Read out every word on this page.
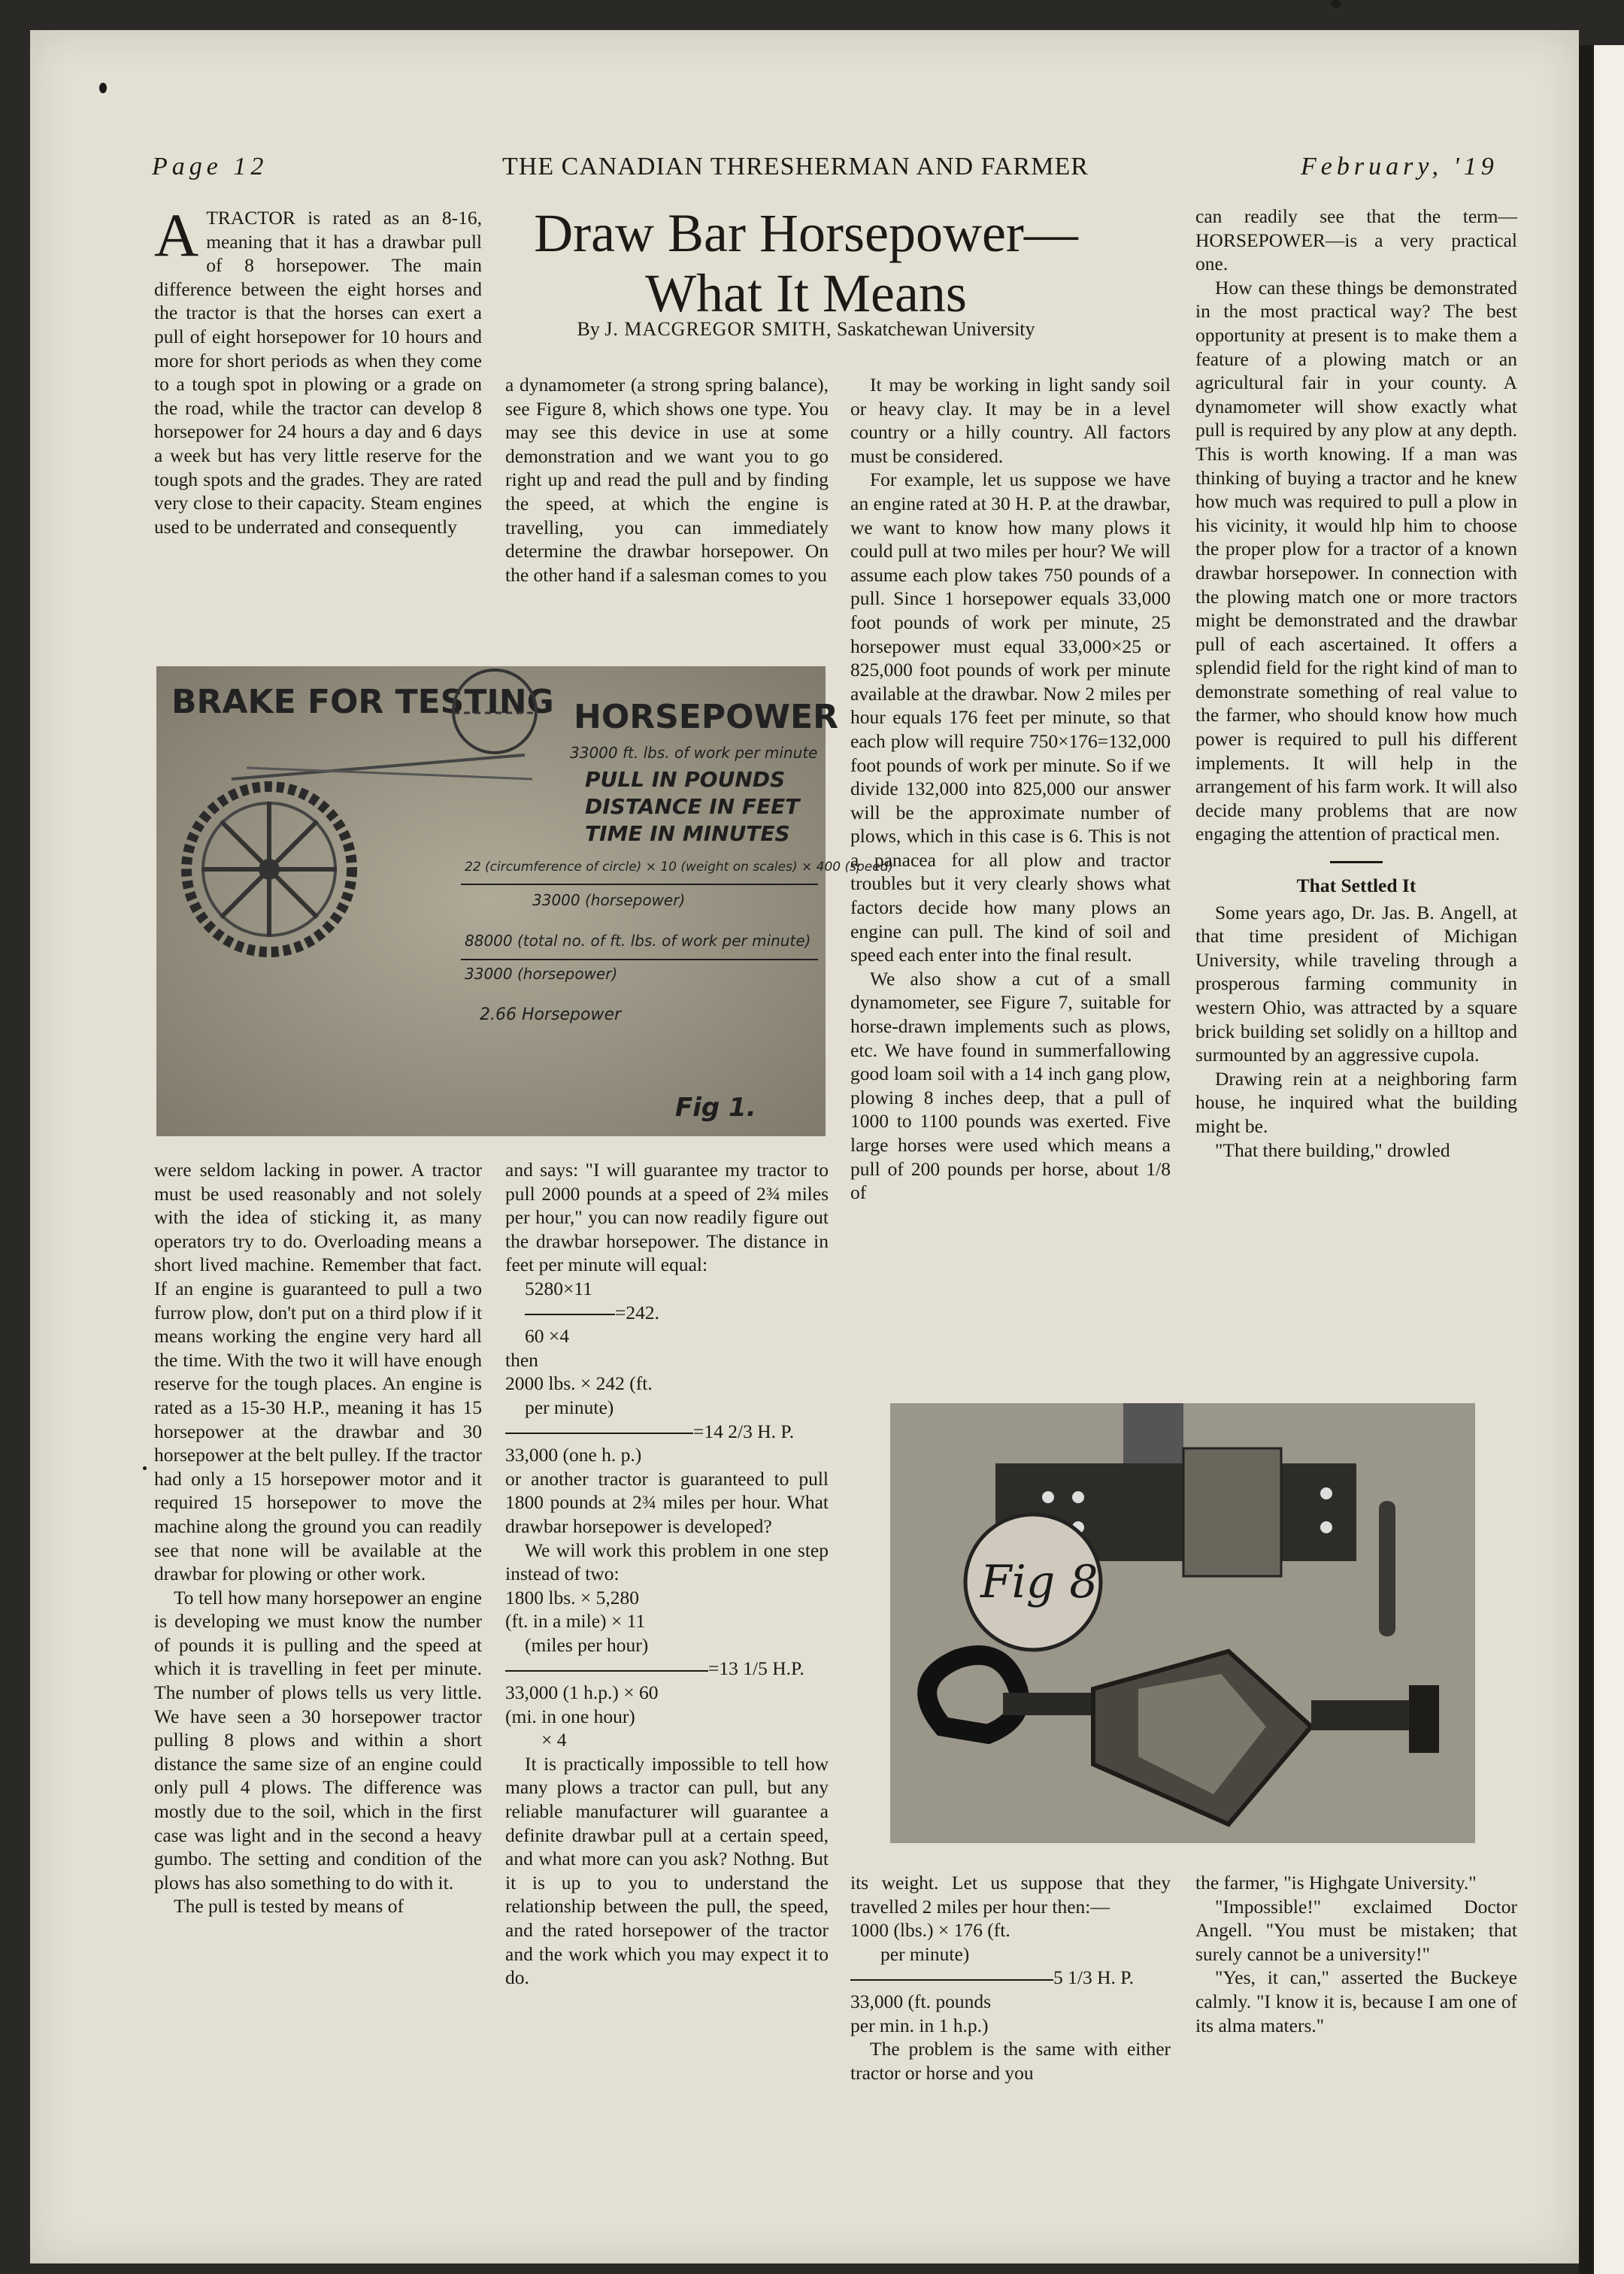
Page 12	THE CANADIAN THRESHERMAN AND FARMER	February, '19
Draw Bar Horsepower—
What It Means
By J. MACGREGOR SMITH, Saskatchewan University

ATRACTOR is rated as an 8-16, meaning that it has a drawbar pull of 8 horsepower. The main difference between the eight horses and the tractor is that the horses can exert a pull of eight horsepower for 10 hours and more for short periods as when they come to a tough spot in plowing or a grade on the road, while the tractor can develop 8 horsepower for 24 hours a day and 6 days a week but has very little reserve for the tough spots and the grades. They are rated very close to their capacity. Steam engines used to be underrated and consequently

a dynamometer (a strong spring balance), see Figure 8, which shows one type. You may see this device in use at some demonstration and we want you to go right up and read the pull and by finding the speed, at which the engine is travelling, you can immediately determine the drawbar horsepower. On the other hand if a salesman comes to you

It may be working in light sandy soil or heavy clay. It may be in a level country or a hilly country. All factors must be considered.

For example, let us suppose we have an engine rated at 30 H. P. at the drawbar, we want to know how many plows it could pull at two miles per hour? We will assume each plow takes 750 pounds of a pull. Since 1 horsepower equals 33,000 foot pounds of work per minute, 25 horsepower must equal 33,000×25 or 825,000 foot pounds of work per minute available at the drawbar. Now 2 miles per hour equals 176 feet per minute, so that each plow will require 750×176=132,000 foot pounds of work per minute. So if we divide 132,000 into 825,000 our answer will be the approximate number of plows, which in this case is 6. This is not a panacea for all plow and tractor troubles but it very clearly shows what factors decide how many plows an engine can pull. The kind of soil and speed each enter into the final result.

We also show a cut of a small dynamometer, see Figure 7, suitable for horse-drawn implements such as plows, etc. We have found in summerfallowing good loam soil with a 14 inch gang plow, plowing 8 inches deep, that a pull of 1000 to 1100 pounds was exerted. Five large horses were used which means a pull of 200 pounds per horse, about 1/8 of

can readily see that the term—HORSEPOWER—is a very practical one.

How can these things be demonstrated in the most practical way? The best opportunity at present is to make them a feature of a plowing match or an agricultural fair in your county. A dynamometer will show exactly what pull is required by any plow at any depth. This is worth knowing. If a man was thinking of buying a tractor and he knew how much was required to pull a plow in his vicinity, it would hlp him to choose the proper plow for a tractor of a known drawbar horsepower. In connection with the plowing match one or more tractors might be demonstrated and the drawbar pull of each ascertained. It offers a splendid field for the right kind of man to demonstrate something of real value to the farmer, who should know how much power is required to pull his different implements. It will help in the arrangement of his farm work. It will also decide many problems that are now engaging the attention of practical men.

That Settled It

Some years ago, Dr. Jas. B. Angell, at that time president of Michigan University, while traveling through a prosperous farming community in western Ohio, was attracted by a square brick building set solidly on a hilltop and surmounted by an aggressive cupola.

Drawing rein at a neighboring farm house, he inquired what the building might be.

"That there building," drowled

BRAKE FOR TESTING HORSEPOWER
33000 ft. lbs. of work per minute
PULL IN POUNDS
DISTANCE IN FEET
TIME IN MINUTES
22 (circumference of circle) × 10 (weight on scales) × 400 (speed)
33000 (horsepower)
88000 (total no. of ft. lbs. of work per minute)
33000 (horsepower)
2.66 Horsepower
Fig 1.

were seldom lacking in power. A tractor must be used reasonably and not solely with the idea of sticking it, as many operators try to do. Overloading means a short lived machine. Remember that fact. If an engine is guaranteed to pull a two furrow plow, don't put on a third plow if it means working the engine very hard all the time. With the two it will have enough reserve for the tough places. An engine is rated as a 15-30 H.P., meaning it has 15 horsepower at the drawbar and 30 horsepower at the belt pulley. If the tractor had only a 15 horsepower motor and it required 15 horsepower to move the machine along the ground you can readily see that none will be available at the drawbar for plowing or other work.

To tell how many horsepower an engine is developing we must know the number of pounds it is pulling and the speed at which it is travelling in feet per minute. The number of plows tells us very little. We have seen a 30 horsepower tractor pulling 8 plows and within a short distance the same size of an engine could only pull 4 plows. The difference was mostly due to the soil, which in the first case was light and in the second a heavy gumbo. The setting and condition of the plows has also something to do with it.

The pull is tested by means of

and says: "I will guarantee my tractor to pull 2000 pounds at a speed of 2¾ miles per hour," you can now readily figure out the drawbar horsepower. The distance in feet per minute will equal:

5280×11
=242.
60 ×4
then
2000 lbs. × 242 (ft.
per minute)
=14 2/3 H. P.
33,000 (one h. p.)

or another tractor is guaranteed to pull 1800 pounds at 2¾ miles per hour. What drawbar horsepower is developed?

We will work this problem in one step instead of two:

1800 lbs. × 5,280
(ft. in a mile) × 11
(miles per hour)
=13 1/5 H.P.
33,000 (1 h.p.) × 60
(mi. in one hour)
× 4

It is practically impossible to tell how many plows a tractor can pull, but any reliable manufacturer will guarantee a definite drawbar pull at a certain speed, and what more can you ask? Nothng. But it is up to you to understand the relationship between the pull, the speed, and the rated horsepower of the tractor and the work which you may expect it to do.

Fig 8

its weight. Let us suppose that they travelled 2 miles per hour then:—

1000 (lbs.) × 176 (ft.
per minute)
5 1/3 H. P.
33,000 (ft. pounds
per min. in 1 h.p.)

The problem is the same with either tractor or horse and you

the farmer, "is Highgate University."

"Impossible!" exclaimed Doctor Angell. "You must be mistaken; that surely cannot be a university!"

"Yes, it can," asserted the Buckeye calmly. "I know it is, because I am one of its alma maters."
